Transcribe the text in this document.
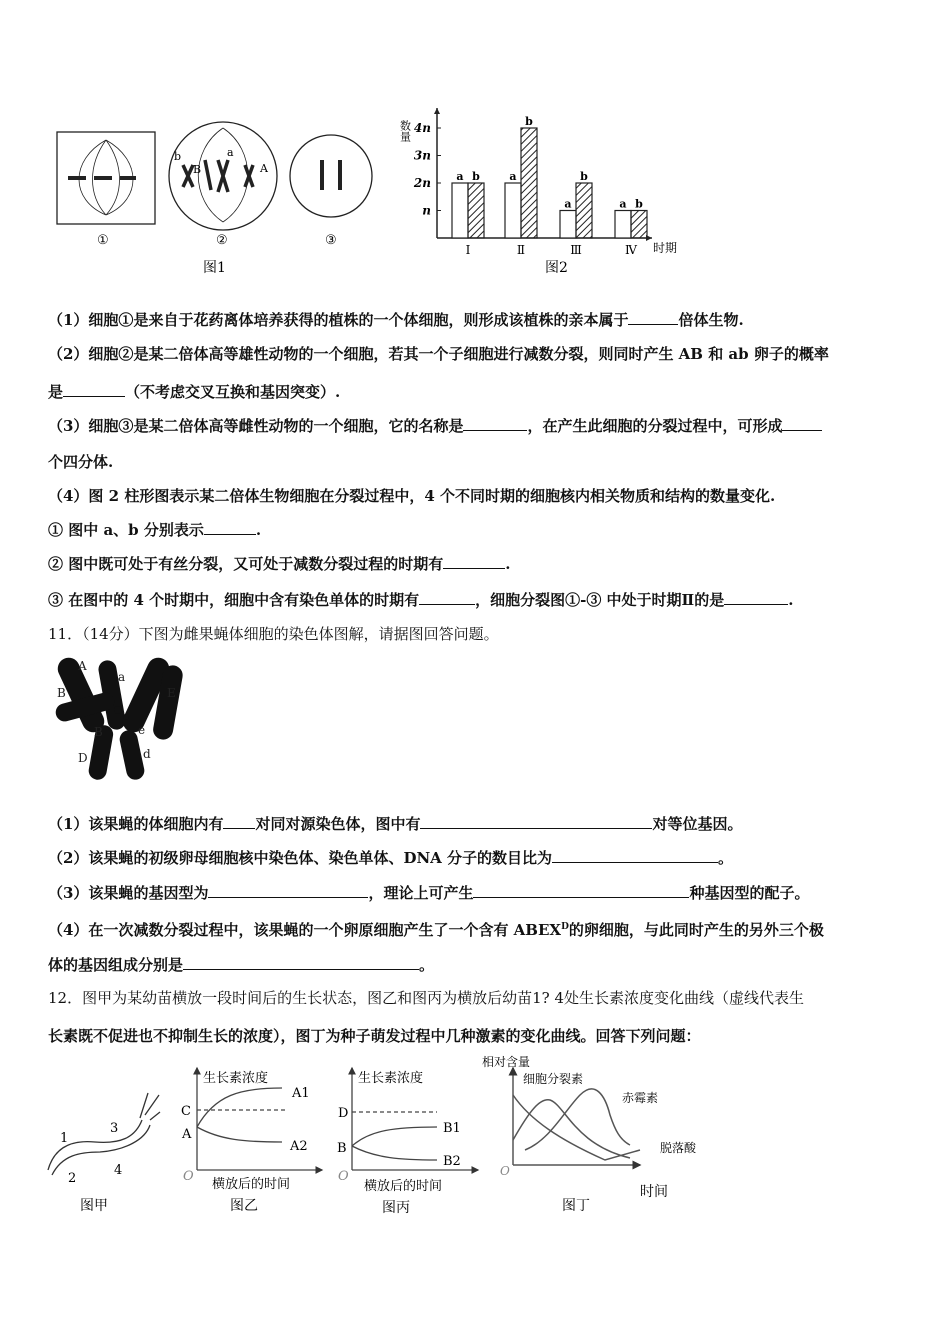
①
b
B
a
A
②	③
图1
n
2n
3n
4n
a b
Ⅰ
a
b
Ⅱ
a
b
Ⅲ
a b
Ⅳ
数量
时期
图2
（1）细胞①是来自于花药离体培养获得的植株的一个体细胞，则形成该植株的亲本属于	倍体生物.
（2）细胞②是某二倍体高等雄性动物的一个细胞，若其一个子细胞进行减数分裂，则同时产生 AB 和 ab 卵子的概率
是	（不考虑交叉互换和基因突变）.
（3）细胞③是某二倍体高等雌性动物的一个细胞，它的名称是	，在产生此细胞的分裂过程中，可形成
个四分体.
（4）图 2 柱形图表示某二倍体生物细胞在分裂过程中，4 个不同时期的细胞核内相关物质和结构的数量变化.
① 图中 a、b 分别表示	.
② 图中既可处于有丝分裂，又可处于减数分裂过程的时期有	.
③ 在图中的 4 个时期中，细胞中含有染色单体的时期有	，细胞分裂图①-③ 中处于时期Ⅱ的是	.
11．（14分）下图为雌果蝇体细胞的染色体图解，请据图回答问题。
A
a
B	E
B	e
D	d
（1）该果蝇的体细胞内有 对同对源染色体，图中有	对等位基因。
（2）该果蝇的初级卵母细胞核中染色体、染色单体、DNA 分子的数目比为	。
（3）该果蝇的基因型为	，理论上可产生	种基因型的配子。
（4）在一次减数分裂过程中，该果蝇的一个卵原细胞产生了一个含有 $ABEX^D$的卵细胞，与此同时产生的另外三个极
体的基因组成分别是	。
12．图甲为某幼苗横放一段时间后的生长状态，图乙和图丙为横放后幼苗1? 4处生长素浓度变化曲线（虚线代表生
长素既不促进也不抑制生长的浓度），图丁为种子萌发过程中几种激素的变化曲线。回答下列问题：
1
2
3
4
图甲
生长素浓度
C
A
A1
A2
O
横放后的时间
图乙
生长素浓度
D
B
B1
B2
O
横放后的时间
图丙
相对含量
细胞分裂素
赤霉素
脱落酸
O
时间
图丁
